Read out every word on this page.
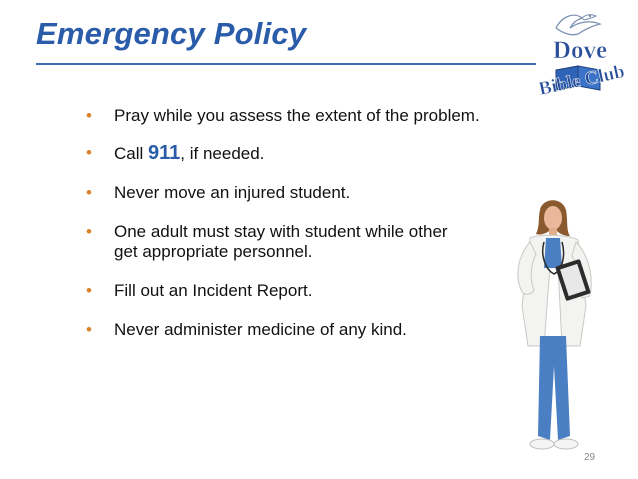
Emergency Policy	Dove
Bible Club
• Pray while you assess the extent of the problem.
• Call 911, if needed.
• Never move an injured student.
• One adult must stay with student while other
get appropriate personnel.
• Fill out an Incident Report.
• Never administer medicine of any kind.
29
